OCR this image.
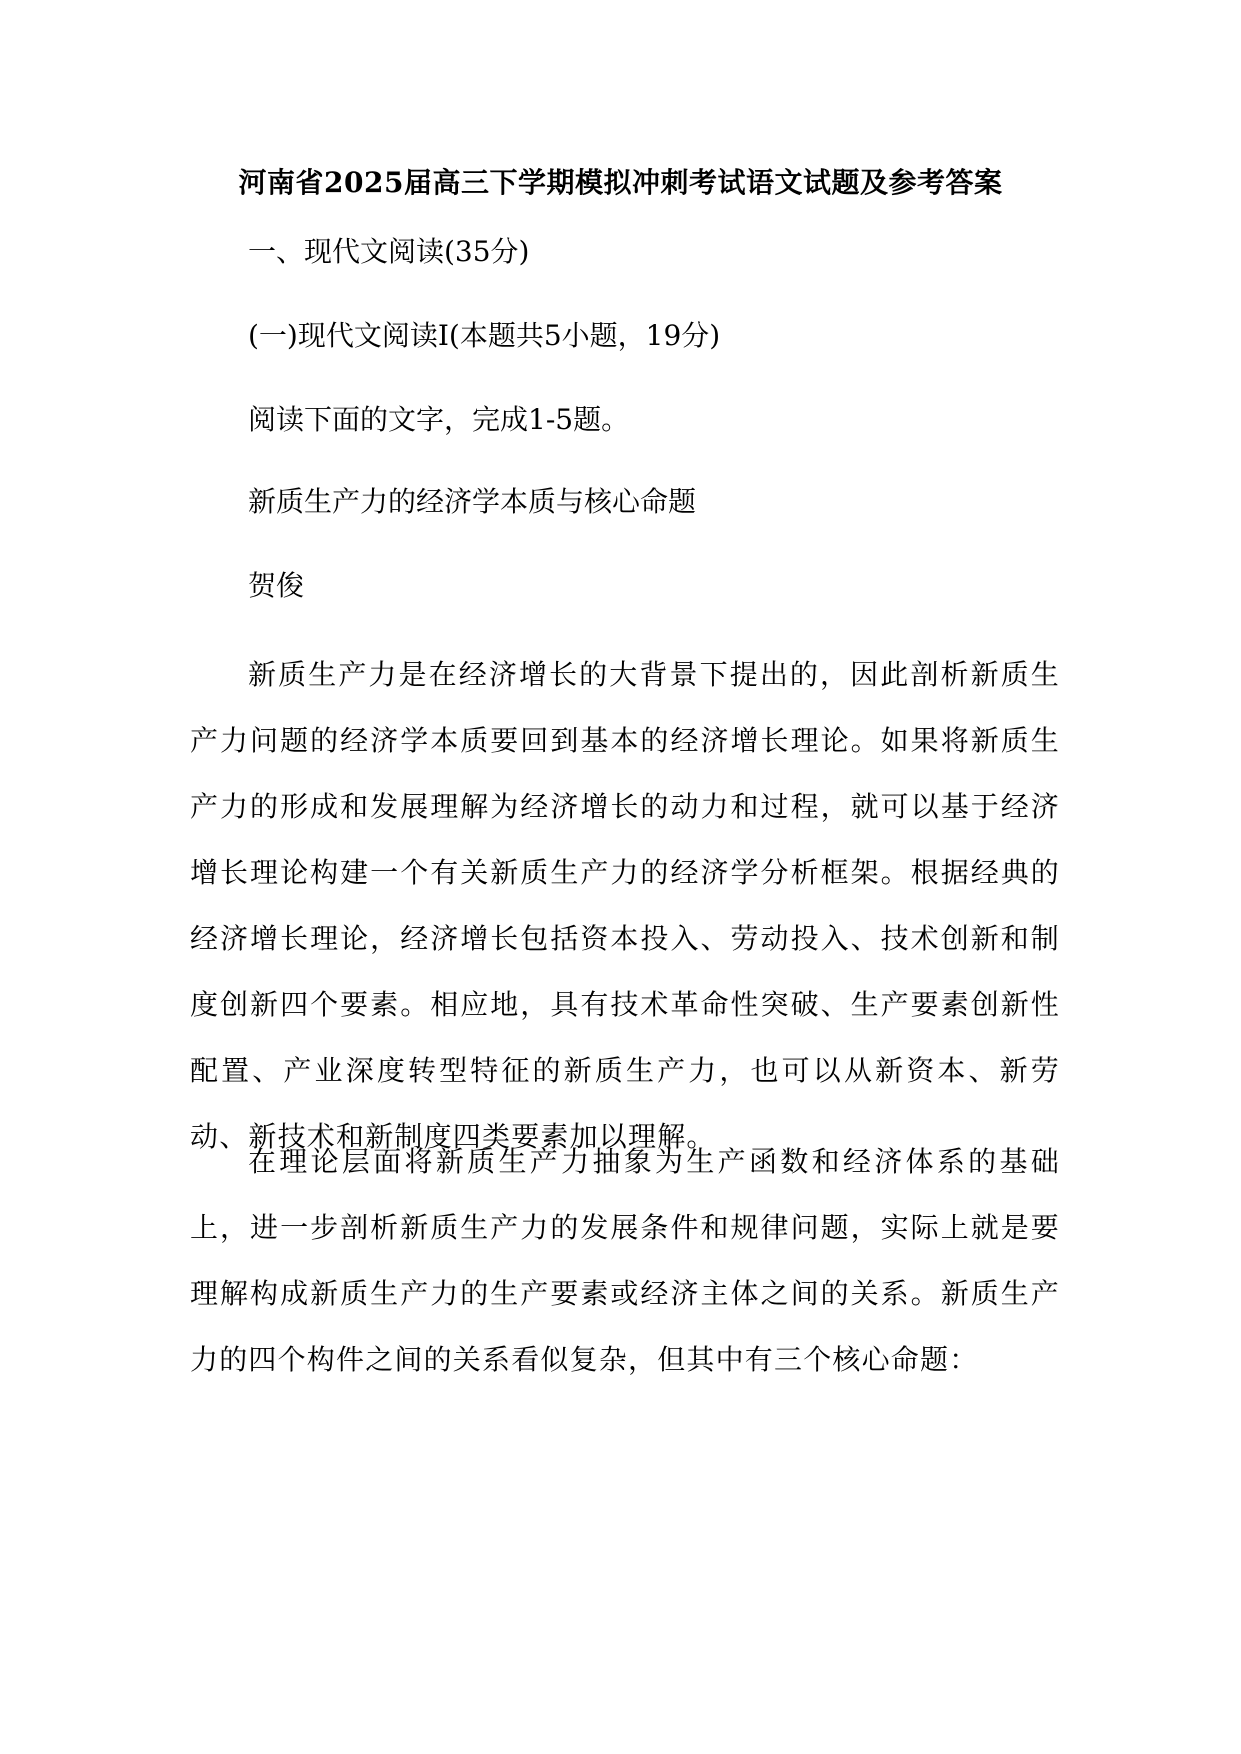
河南省2025届高三下学期模拟冲刺考试语文试题及参考答案
一、现代文阅读(35分)
(一)现代文阅读Ⅰ(本题共5小题，19分)
阅读下面的文字，完成1-5题。
新质生产力的经济学本质与核心命题
贺俊
新质生产力是在经济增长的大背景下提出的，因此剖析新质生产力问题的经济学本质要回到基本的经济增长理论。如果将新质生产力的形成和发展理解为经济增长的动力和过程，就可以基于经济增长理论构建一个有关新质生产力的经济学分析框架。根据经典的经济增长理论，经济增长包括资本投入、劳动投入、技术创新和制度创新四个要素。相应地，具有技术革命性突破、生产要素创新性配置、产业深度转型特征的新质生产力，也可以从新资本、新劳动、新技术和新制度四类要素加以理解。
在理论层面将新质生产力抽象为生产函数和经济体系的基础上，进一步剖析新质生产力的发展条件和规律问题，实际上就是要理解构成新质生产力的生产要素或经济主体之间的关系。新质生产力的四个构件之间的关系看似复杂，但其中有三个核心命题：
